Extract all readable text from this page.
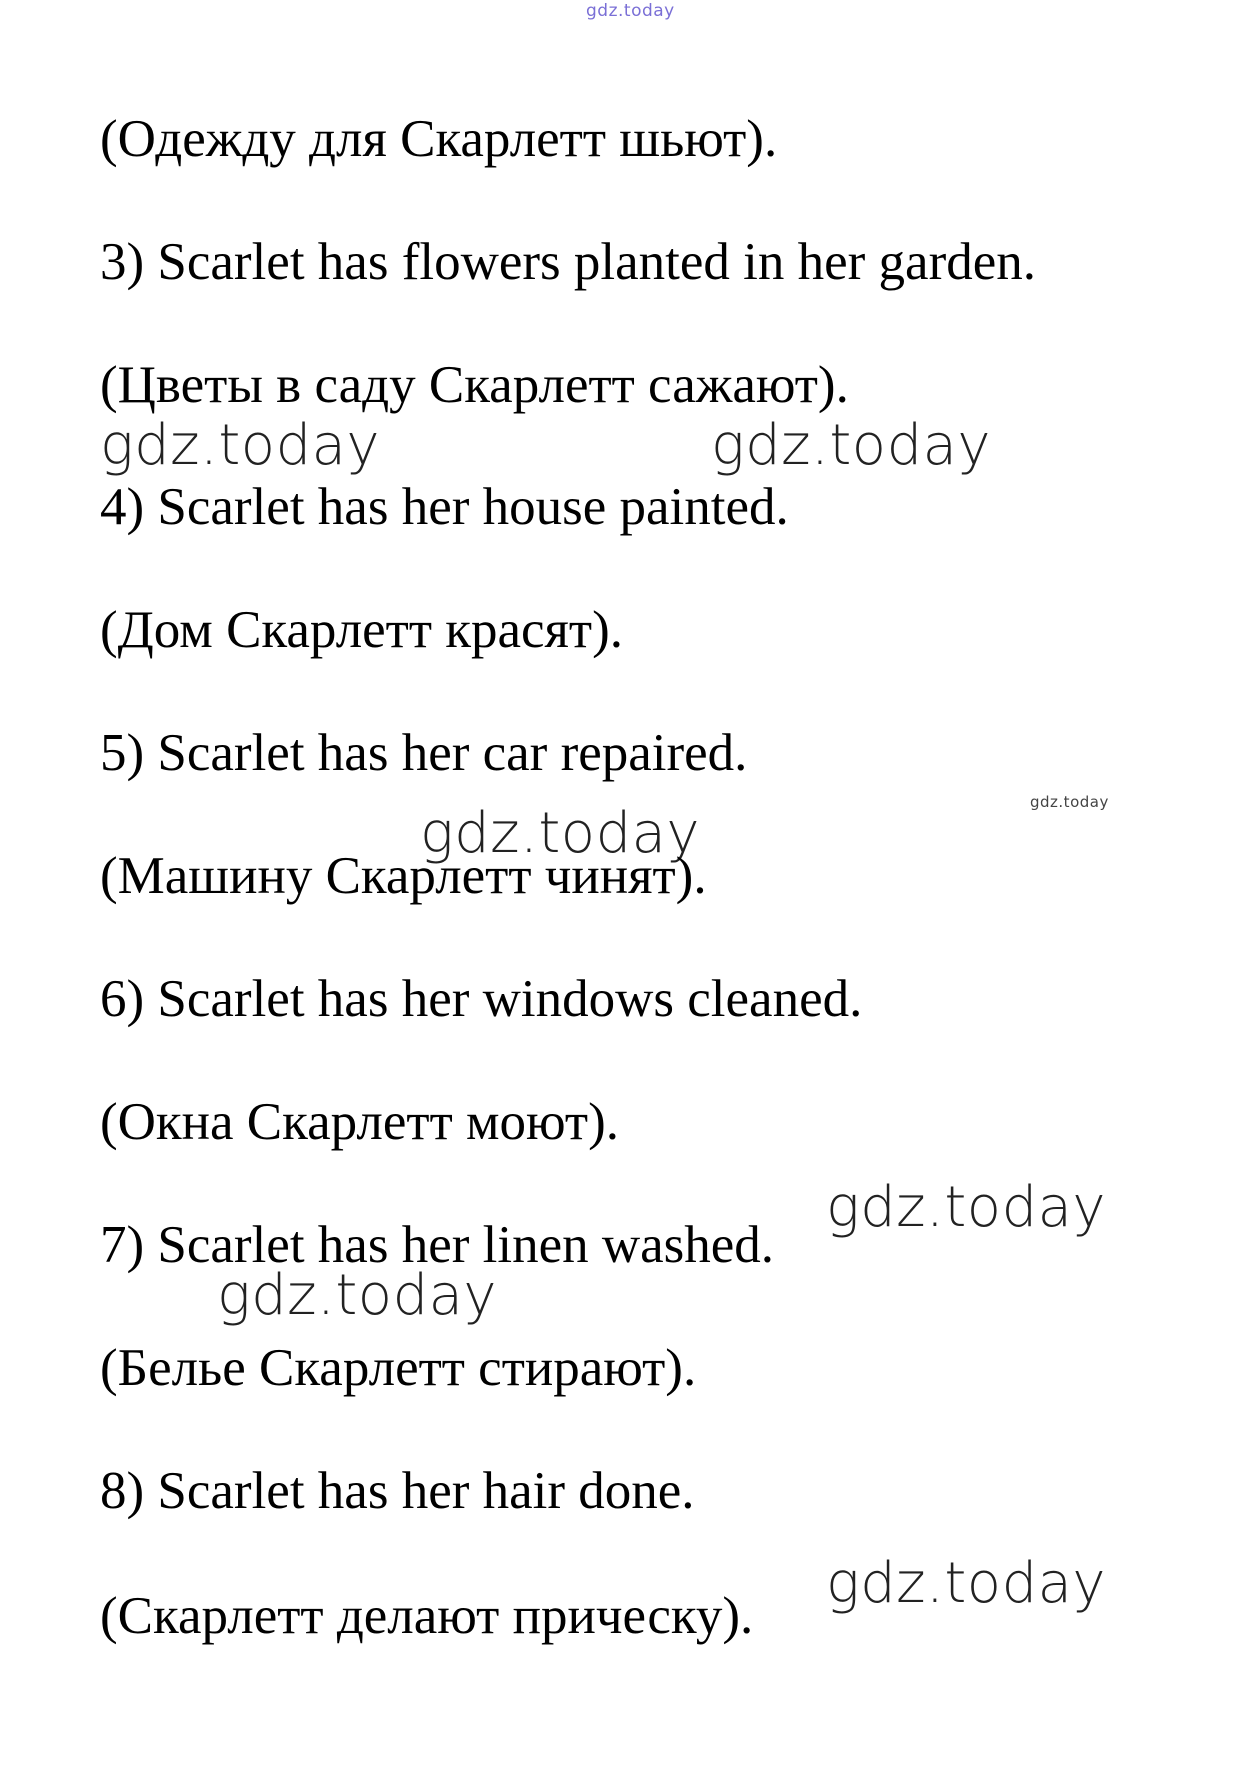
gdz.today
(Одежду для Скарлетт шьют).
3) Scarlet has flowers planted in her garden.
(Цветы в саду Скарлетт сажают).
gdz.today	gdz.today
4) Scarlet has her house painted.
(Дом Скарлетт красят).
5) Scarlet has her car repaired.
gdz.today
gdz.today
(Машину Скарлетт чинят).
6) Scarlet has her windows cleaned.
(Окна Скарлетт моют).
gdz.today
7) Scarlet has her linen washed.
gdz.today
(Белье Скарлетт стирают).
8) Scarlet has her hair done.
gdz.today
(Скарлетт делают прическу).
